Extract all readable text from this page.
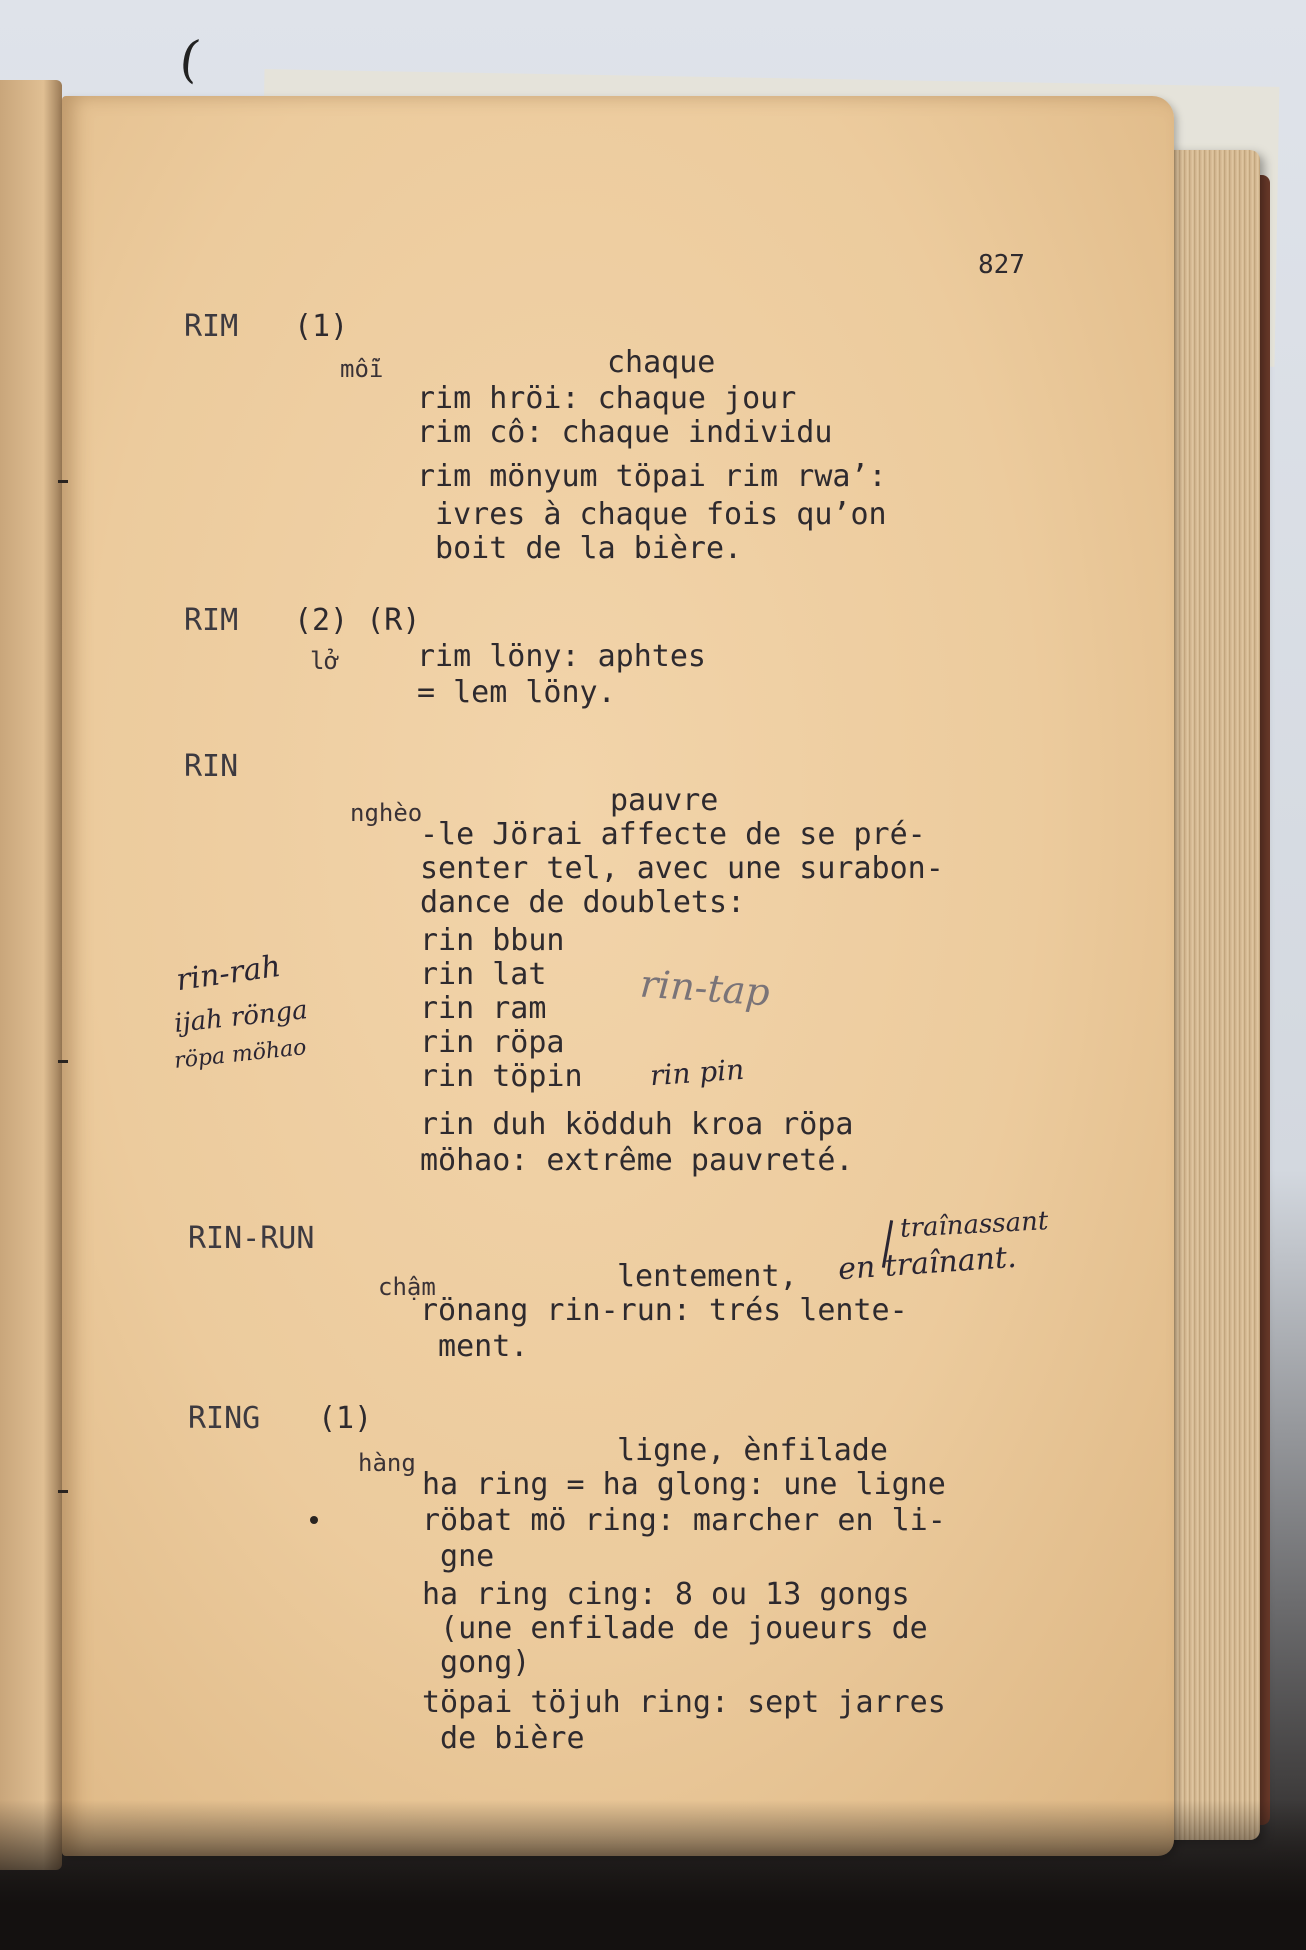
(
827
RIM (1)
mỗi	chaque
rim hröi: chaque jour
rim cô: chaque individu
rim mönyum töpai rim rwa’:
ivres à chaque fois qu’on
boit de la bière.
RIM (2) (R)
lở	rim löny: aphtes
= lem löny.
RIN
nghèo	pauvre
-le Jörai affecte de se pré-
senter tel, avec une surabon-
dance de doublets:
rin bbun
rin lat
rin ram
rin röpa
rin töpin
rin duh ködduh kroa röpa
möhao: extrême pauvreté.
rin-rah
ijah rönga
röpa möhao
rin-tap
rin pin
RIN-RUN
chậm	lentement,
rönang rin-run: trés lente-
ment.
traînassant
en traînant.
RING (1)
hàng	ligne, ènfilade
ha ring = ha glong: une ligne
röbat mö ring: marcher en li-
gne
ha ring cing: 8 ou 13 gongs
(une enfilade de joueurs de
gong)
töpai töjuh ring: sept jarres
de bière
